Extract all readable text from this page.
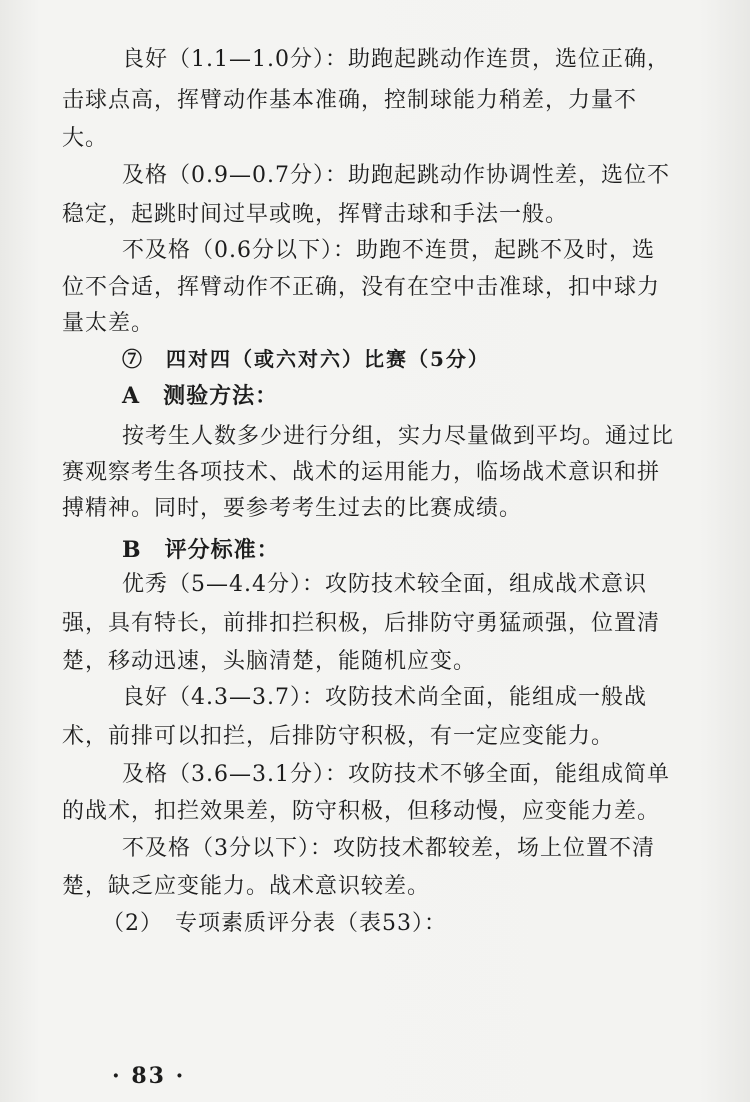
良好（1.1—1.0分）：助跑起跳动作连贯，选位正确，
击球点高，挥臂动作基本准确，控制球能力稍差，力量不
大。
及格（0.9—0.7分）：助跑起跳动作协调性差，选位不
稳定，起跳时间过早或晚，挥臂击球和手法一般。
不及格（0.6分以下）：助跑不连贯，起跳不及时，选
位不合适，挥臂动作不正确，没有在空中击准球，扣中球力
量太差。
⑦　四对四（或六对六）比赛（5分）
A　测验方法：
按考生人数多少进行分组，实力尽量做到平均。通过比
赛观察考生各项技术、战术的运用能力，临场战术意识和拼
搏精神。同时，要参考考生过去的比赛成绩。
B　评分标准：
优秀（5—4.4分）：攻防技术较全面，组成战术意识
强，具有特长，前排扣拦积极，后排防守勇猛顽强，位置清
楚，移动迅速，头脑清楚，能随机应变。
良好（4.3—3.7）：攻防技术尚全面，能组成一般战
术，前排可以扣拦，后排防守积极，有一定应变能力。
及格（3.6—3.1分）：攻防技术不够全面，能组成简单
的战术，扣拦效果差，防守积极，但移动慢，应变能力差。
不及格（3分以下）：攻防技术都较差，场上位置不清
楚，缺乏应变能力。战术意识较差。
（2）　专项素质评分表（表53）：
· 83 ·
